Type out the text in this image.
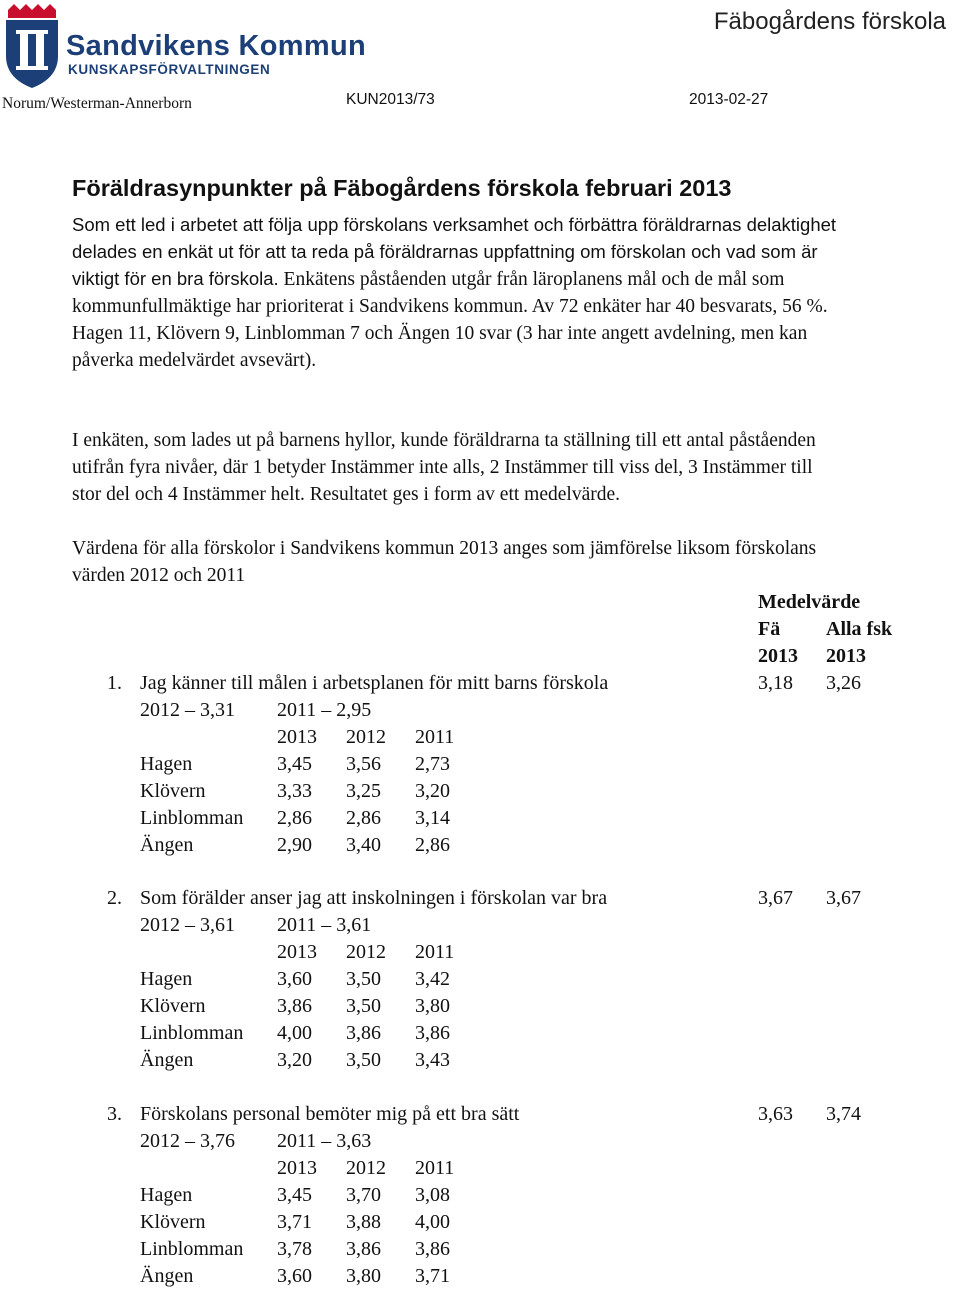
Sandvikens Kommun
KUNSKAPSFÖRVALTNINGEN
Fäbogårdens förskola
Norum/Westerman-Annerborn	KUN2013/73	2013-02-27
Föräldrasynpunkter på Fäbogårdens förskola februari 2013
Som ett led i arbetet att följa upp förskolans verksamhet och förbättra föräldrarnas delaktighet
delades en enkät ut för att ta reda på föräldrarnas uppfattning om förskolan och vad som är
viktigt för en bra förskola. Enkätens påståenden utgår från läroplanens mål och de mål som
kommunfullmäktige har prioriterat i Sandvikens kommun. Av 72 enkäter har 40 besvarats, 56 %.
Hagen 11, Klövern 9, Linblomman 7 och Ängen 10 svar (3 har inte angett avdelning, men kan
påverka medelvärdet avsevärt).
I enkäten, som lades ut på barnens hyllor, kunde föräldrarna ta ställning till ett antal påståenden
utifrån fyra nivåer, där 1 betyder Instämmer inte alls, 2 Instämmer till viss del, 3 Instämmer till
stor del och 4 Instämmer helt. Resultatet ges i form av ett medelvärde.
Värdena för alla förskolor i Sandvikens kommun 2013 anges som jämförelse liksom förskolans
värden 2012 och 2011
Medelvärde
Fä Alla fsk
2013 2013
1. Jag känner till målen i arbetsplanen för mitt barns förskola	3,18 3,26
2012 – 3,31 2011 – 2,95
2013 2012 2011
Hagen	3,45 3,56 2,73
Klövern	3,33 3,25 3,20
Linblomman 2,86 2,86 3,14
Ängen	2,90 3,40 2,86
2. Som förälder anser jag att inskolningen i förskolan var bra	3,67 3,67
2012 – 3,61 2011 – 3,61
2013 2012 2011
Hagen	3,60 3,50 3,42
Klövern	3,86 3,50 3,80
Linblomman 4,00 3,86 3,86
Ängen	3,20 3,50 3,43
3. Förskolans personal bemöter mig på ett bra sätt	3,63 3,74
2012 – 3,76 2011 – 3,63
2013 2012 2011
Hagen	3,45 3,70 3,08
Klövern	3,71 3,88 4,00
Linblomman 3,78 3,86 3,86
Ängen	3,60 3,80 3,71
